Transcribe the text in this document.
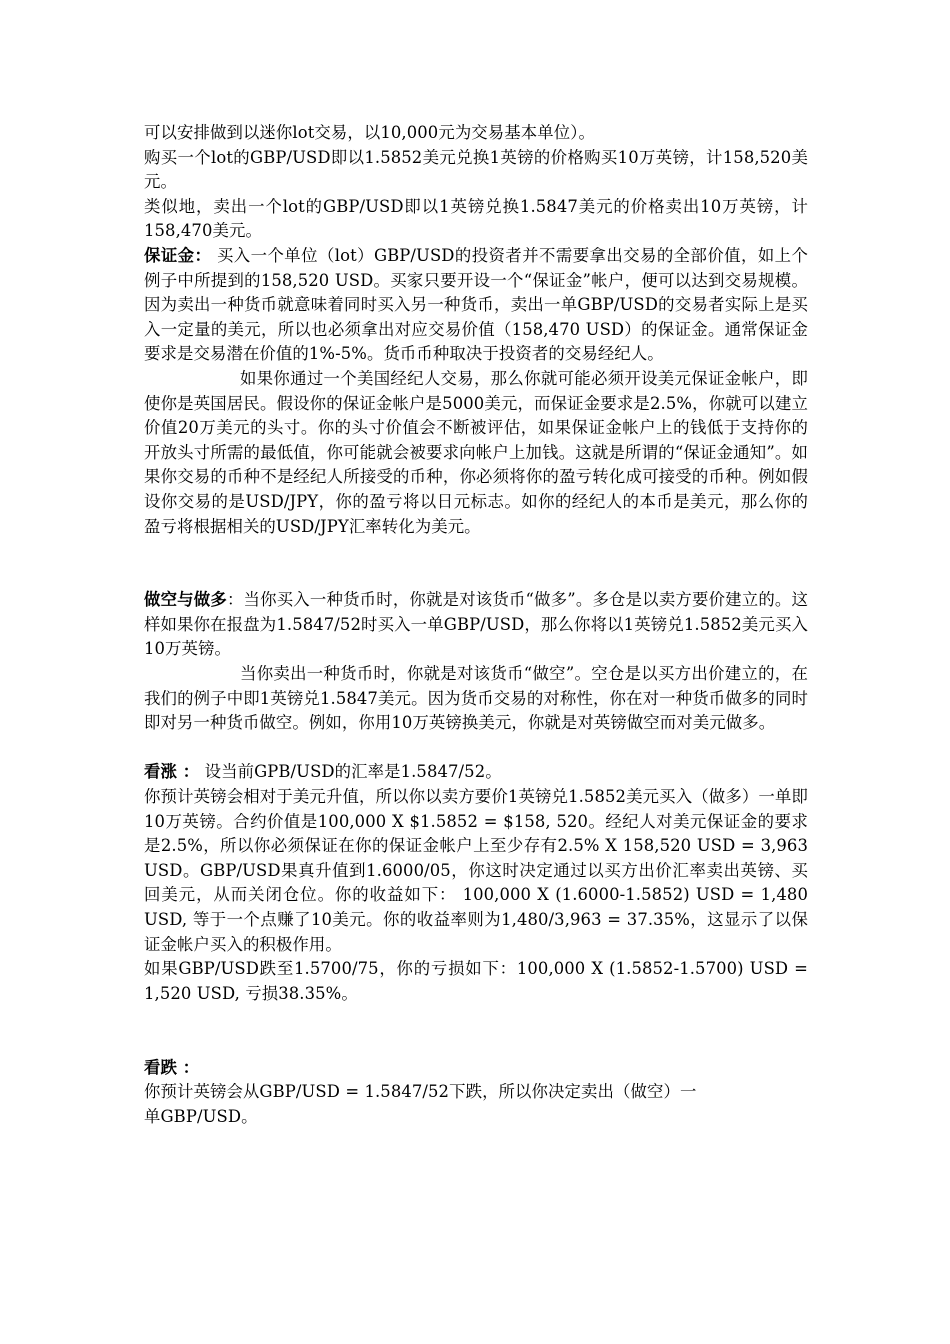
可以安排做到以迷你lot交易，以10,000元为交易基本单位）。

购买一个lot的GBP/USD即以1.5852美元兑换1英镑的价格购买10万英镑，计158,520美元。

类似地，卖出一个lot的GBP/USD即以1英镑兑换1.5847美元的价格卖出10万英镑，计158,470美元。

保证金： 买入一个单位（lot）GBP/USD的投资者并不需要拿出交易的全部价值，如上个例子中所提到的158,520 USD。买家只要开设一个“保证金”帐户，便可以达到交易规模。因为卖出一种货币就意味着同时买入另一种货币，卖出一单GBP/USD的交易者实际上是买入一定量的美元，所以也必须拿出对应交易价值（158,470 USD）的保证金。通常保证金要求是交易潜在价值的1%-5%。货币币种取决于投资者的交易经纪人。

如果你通过一个美国经纪人交易，那么你就可能必须开设美元保证金帐户，即使你是英国居民。假设你的保证金帐户是5000美元，而保证金要求是2.5%，你就可以建立价值20万美元的头寸。你的头寸价值会不断被评估，如果保证金帐户上的钱低于支持你的开放头寸所需的最低值，你可能就会被要求向帐户上加钱。这就是所谓的“保证金通知”。如果你交易的币种不是经纪人所接受的币种，你必须将你的盈亏转化成可接受的币种。例如假设你交易的是USD/JPY，你的盈亏将以日元标志。如你的经纪人的本币是美元，那么你的盈亏将根据相关的USD/JPY汇率转化为美元。

做空与做多：当你买入一种货币时，你就是对该货币“做多”。多仓是以卖方要价建立的。这样如果你在报盘为1.5847/52时买入一单GBP/USD，那么你将以1英镑兑1.5852美元买入10万英镑。

当你卖出一种货币时，你就是对该货币“做空”。空仓是以买方出价建立的，在我们的例子中即1英镑兑1.5847美元。因为货币交易的对称性，你在对一种货币做多的同时即对另一种货币做空。例如，你用10万英镑换美元，你就是对英镑做空而对美元做多。

看涨 ： 设当前GPB/USD的汇率是1.5847/52。

你预计英镑会相对于美元升值，所以你以卖方要价1英镑兑1.5852美元买入（做多）一单即10万英镑。合约价值是100,000 X $1.5852 = $158, 520。经纪人对美元保证金的要求是2.5%，所以你必须保证在你的保证金帐户上至少存有2.5% X 158,520 USD = 3,963 USD。GBP/USD果真升值到1.6000/05，你这时决定通过以买方出价汇率卖出英镑、买回美元，从而关闭仓位。你的收益如下： 100,000 X (1.6000-1.5852) USD = 1,480 USD, 等于一个点赚了10美元。你的收益率则为1,480/3,963 = 37.35%，这显示了以保证金帐户买入的积极作用。

如果GBP/USD跌至1.5700/75，你的亏损如下：100,000 X (1.5852-1.5700) USD = 1,520 USD, 亏损38.35%。

看跌 ：

你预计英镑会从GBP/USD = 1.5847/52下跌，所以你决定卖出（做空）一

单GBP/USD。
